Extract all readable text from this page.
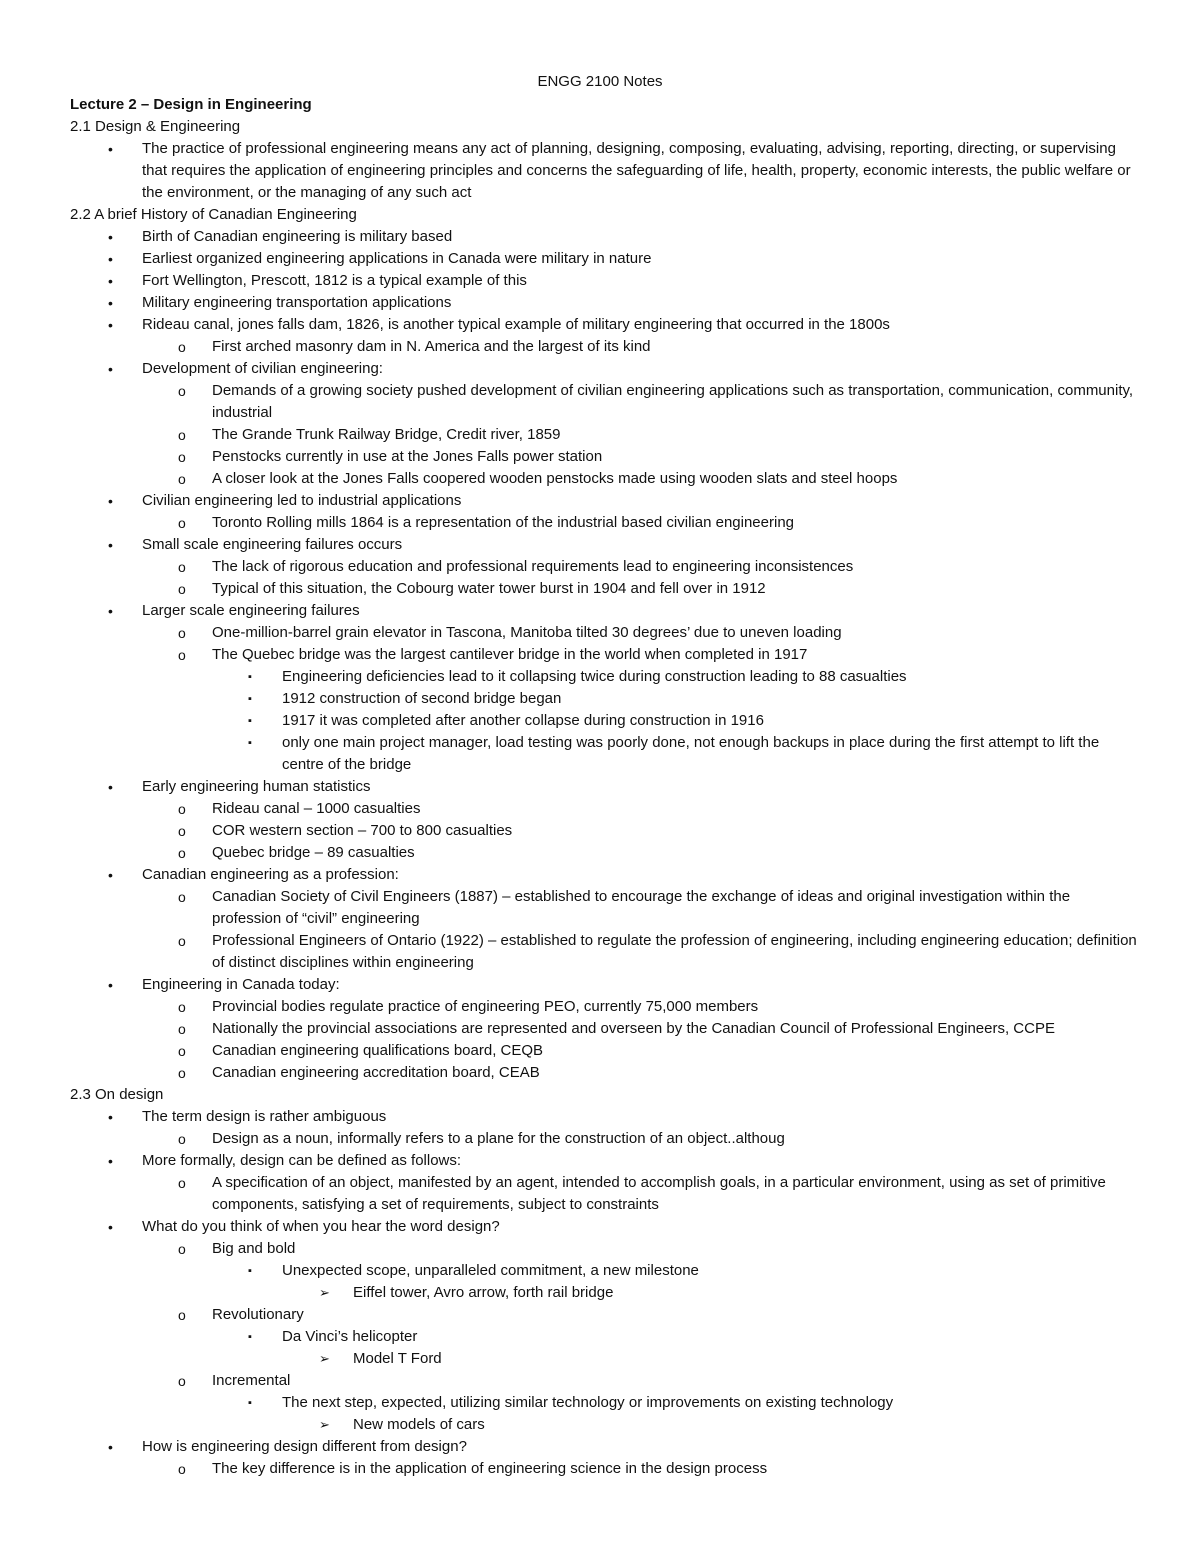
ENGG 2100 Notes
Lecture 2 – Design in Engineering
2.1 Design & Engineering
• The practice of professional engineering means any act of planning, designing, composing, evaluating, advising, reporting, directing, or supervising that requires the application of engineering principles and concerns the safeguarding of life, health, property, economic interests, the public welfare or the environment, or the managing of any such act
2.2 A brief History of Canadian Engineering
• Birth of Canadian engineering is military based
• Earliest organized engineering applications in Canada were military in nature
• Fort Wellington, Prescott, 1812 is a typical example of this
• Military engineering transportation applications
• Rideau canal, jones falls dam, 1826, is another typical example of military engineering that occurred in the 1800s
o First arched masonry dam in N. America and the largest of its kind
• Development of civilian engineering:
o Demands of a growing society pushed development of civilian engineering applications such as transportation, communication, community, industrial
o The Grande Trunk Railway Bridge, Credit river, 1859
o Penstocks currently in use at the Jones Falls power station
o A closer look at the Jones Falls coopered wooden penstocks made using wooden slats and steel hoops
• Civilian engineering led to industrial applications
o Toronto Rolling mills 1864 is a representation of the industrial based civilian engineering
• Small scale engineering failures occurs
o The lack of rigorous education and professional requirements lead to engineering inconsistences
o Typical of this situation, the Cobourg water tower burst in 1904 and fell over in 1912
• Larger scale engineering failures
o One-million-barrel grain elevator in Tascona, Manitoba tilted 30 degrees’ due to uneven loading
o The Quebec bridge was the largest cantilever bridge in the world when completed in 1917
▪ Engineering deficiencies lead to it collapsing twice during construction leading to 88 casualties
▪ 1912 construction of second bridge began
▪ 1917 it was completed after another collapse during construction in 1916
▪ only one main project manager, load testing was poorly done, not enough backups in place during the first attempt to lift the centre of the bridge
• Early engineering human statistics
o Rideau canal – 1000 casualties
o COR western section – 700 to 800 casualties
o Quebec bridge – 89 casualties
• Canadian engineering as a profession:
o Canadian Society of Civil Engineers (1887) – established to encourage the exchange of ideas and original investigation within the profession of “civil” engineering
o Professional Engineers of Ontario (1922) – established to regulate the profession of engineering, including engineering education; definition of distinct disciplines within engineering
• Engineering in Canada today:
o Provincial bodies regulate practice of engineering PEO, currently 75,000 members
o Nationally the provincial associations are represented and overseen by the Canadian Council of Professional Engineers, CCPE
o Canadian engineering qualifications board, CEQB
o Canadian engineering accreditation board, CEAB
2.3 On design
• The term design is rather ambiguous
o Design as a noun, informally refers to a plane for the construction of an object..althoug
• More formally, design can be defined as follows:
o A specification of an object, manifested by an agent, intended to accomplish goals, in a particular environment, using as set of primitive components, satisfying a set of requirements, subject to constraints
• What do you think of when you hear the word design?
o Big and bold
▪ Unexpected scope, unparalleled commitment, a new milestone
➢ Eiffel tower, Avro arrow, forth rail bridge
o Revolutionary
▪ Da Vinci’s helicopter
➢ Model T Ford
o Incremental
▪ The next step, expected, utilizing similar technology or improvements on existing technology
➢ New models of cars
• How is engineering design different from design?
o The key difference is in the application of engineering science in the design process
